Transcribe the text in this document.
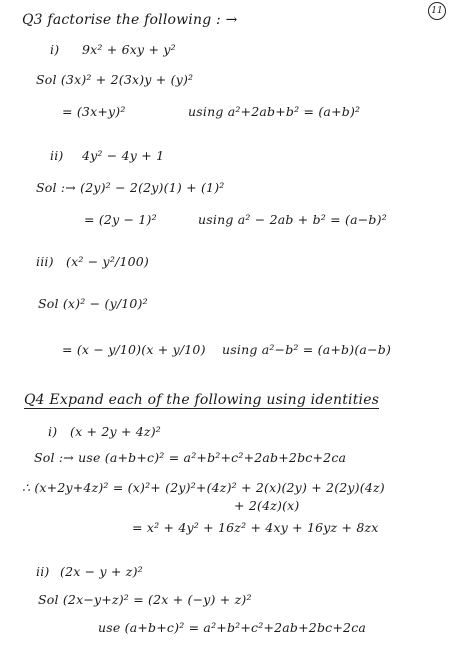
11
Q3 factorise the following : →
i) 9x² + 6xy + y²
Sol (3x)² + 2(3x)y + (y)²
= (3x+y)²	using a²+2ab+b² = (a+b)²
ii) 4y² − 4y + 1
Sol :→ (2y)² − 2(2y)(1) + (1)²
= (2y − 1)²	using a² − 2ab + b² = (a−b)²
iii) (x² − y²/100)
Sol (x)² − (y/10)²
= (x − y/10)(x + y/10) using a²−b² = (a+b)(a−b)
Q4 Expand each of the following using identities
i) (x + 2y + 4z)²
Sol :→ use (a+b+c)² = a²+b²+c²+2ab+2bc+2ca
∴ (x+2y+4z)² = (x)²+ (2y)²+(4z)² + 2(x)(2y) + 2(2y)(4z)
+ 2(4z)(x)
= x² + 4y² + 16z² + 4xy + 16yz + 8zx
ii) (2x − y + z)²
Sol (2x−y+z)² = (2x + (−y) + z)²
use (a+b+c)² = a²+b²+c²+2ab+2bc+2ca
